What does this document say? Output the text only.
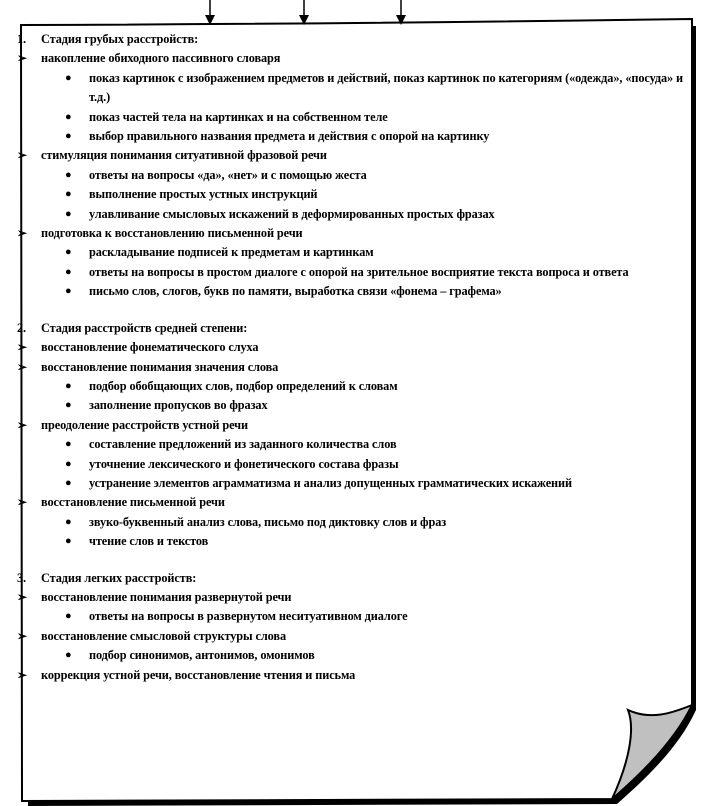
1. Стадия грубых расстройств:
➢ накопление обиходного пассивного словаря
● показ картинок с изображением предметов и действий, показ картинок по категориям («одежда», «посуда» и т.д.)
● показ частей тела на картинках и на собственном теле
● выбор правильного названия предмета и действия с опорой на картинку
➢ стимуляция понимания ситуативной фразовой речи
● ответы на вопросы «да», «нет» и с помощью жеста
● выполнение простых устных инструкций
● улавливание смысловых искажений в деформированных простых фразах
➢ подготовка к восстановлению письменной речи
● раскладывание подписей к предметам и картинкам
● ответы на вопросы в простом диалоге с опорой на зрительное восприятие текста вопроса и ответа
● письмо слов, слогов, букв по памяти, выработка связи «фонема – графема»
2. Стадия расстройств средней степени:
➢ восстановление фонематического слуха
➢ восстановление понимания значения слова
● подбор обобщающих слов, подбор определений к словам
● заполнение пропусков во фразах
➢ преодоление расстройств устной речи
● составление предложений из заданного количества слов
● уточнение лексического и фонетического состава фразы
● устранение элементов аграмматизма и анализ допущенных грамматических искажений
➢ восстановление письменной речи
● звуко-буквенный анализ слова, письмо под диктовку слов и фраз
● чтение слов и текстов
3. Стадия легких расстройств:
➢ восстановление понимания развернутой речи
● ответы на вопросы в развернутом неситуативном диалоге
➢ восстановление смысловой структуры слова
● подбор синонимов, антонимов, омонимов
➢ коррекция устной речи, восстановление чтения и письма
